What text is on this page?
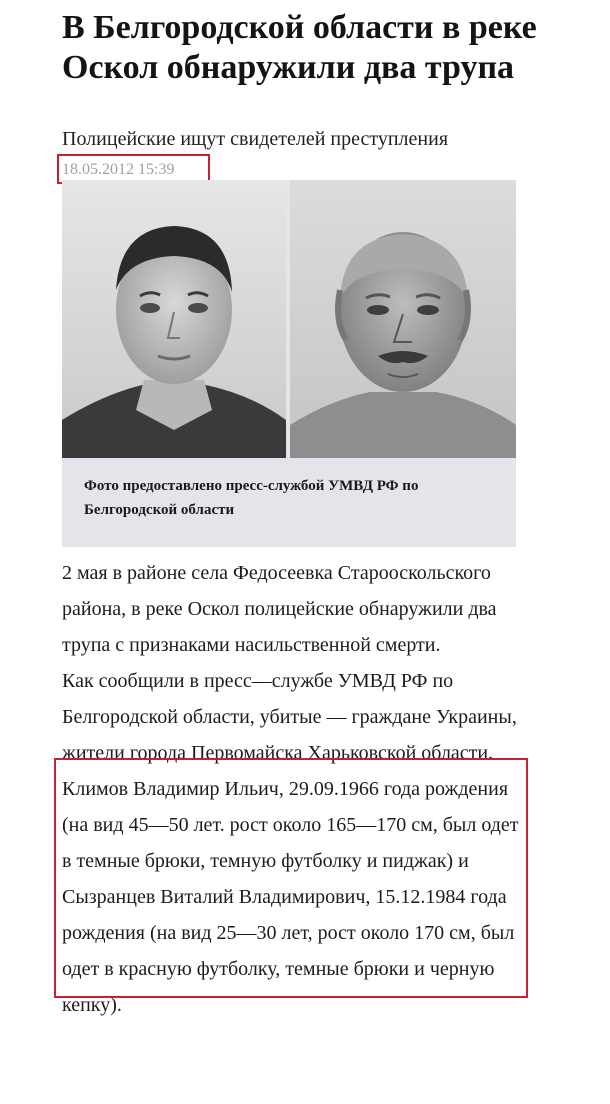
В Белгородской области в реке Оскол обнаружили два трупа

Полицейские ищут свидетелей преступления

18.05.2012 15:39

Фото предоставлено пресс-службой УМВД РФ по Белгородской области

2 мая в районе села Федосеевка Старооскольского района, в реке Оскол полицейские обнаружили два трупа с признаками насильственной смерти.

Как сообщили в пресс—службе УМВД РФ по Белгородской области, убитые — граждане Украины, жители города Первомайска Харьковской области. Климов Владимир Ильич, 29.09.1966 года рождения (на вид 45—50 лет. рост около 165—170 см, был одет в темные брюки, темную футболку и пиджак) и Сызранцев Виталий Владимирович, 15.12.1984 года рождения (на вид 25—30 лет, рост около 170 см, был одет в красную футболку, темные брюки и черную кепку).
